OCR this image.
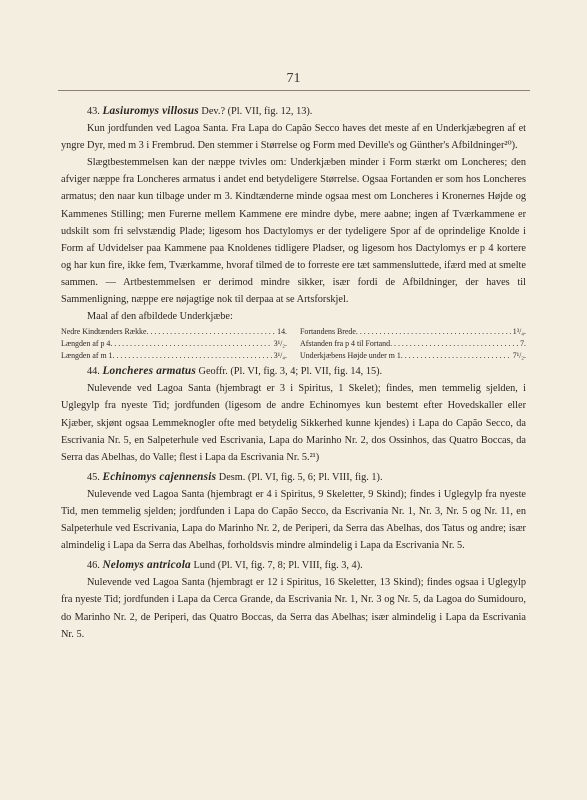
71

43. Lasiuromys villosus Dev.? (Pl. VII, fig. 12, 13).

Kun jordfunden ved Lagoa Santa. Fra Lapa do Capão Secco haves det meste af en Underkjæbegren af et yngre Dyr, med m 3 i Frembrud. Den stemmer i Størrelse og Form med Deville's og Günther's Afbildninger²⁰).

Slægtbestemmelsen kan der næppe tvivles om: Underkjæben minder i Form stærkt om Loncheres; den afviger næppe fra Loncheres armatus i andet end betydeligere Størrelse. Ogsaa Fortanden er som hos Loncheres armatus; den naar kun tilbage under m 3. Kindtænderne minde ogsaa mest om Loncheres i Kronernes Højde og Kammenes Stilling; men Furerne mellem Kammene ere mindre dybe, mere aabne; ingen af Tværkammene er udskilt som fri selvstændig Plade; ligesom hos Dactylomys er der tydeligere Spor af de oprindelige Knolde i Form af Udvidelser paa Kammene paa Knoldenes tidligere Pladser, og ligesom hos Dactylomys er p 4 kortere og har kun fire, ikke fem, Tværkamme, hvoraf tilmed de to forreste ere tæt sammensluttede, ifærd med at smelte sammen. — Artbestemmelsen er derimod mindre sikker, især fordi de Afbildninger, der haves til Sammenligning, næppe ere nøjagtige nok til derpaa at se Artsforskjel.

Maal af den afbildede Underkjæbe:

Nedre Kindtænders Række . . .	14. Fortandens Brede . . .	1³/₄.
Længden af p 4 . . .	3¹/₂. Afstanden fra p 4 til Fortand . . .	7.
Længden af m 1 . . .	3¹/₄. Underkjæbens Højde under m 1 . . .	7¹/₂.

44. Loncheres armatus Geoffr. (Pl. VI, fig. 3, 4; Pl. VII, fig. 14, 15).

Nulevende ved Lagoa Santa (hjembragt er 3 i Spiritus, 1 Skelet); findes, men temmelig sjelden, i Uglegylp fra nyeste Tid; jordfunden (ligesom de andre Echinomyes kun bestemt efter Hovedskaller eller Kjæber, skjønt ogsaa Lemmeknogler ofte med betydelig Sikkerhed kunne kjendes) i Lapa do Capão Secco, da Escrivania Nr. 5, en Salpeterhule ved Escrivania, Lapa do Marinho Nr. 2, dos Ossinhos, das Quatro Boccas, da Serra das Abelhas, do Valle; flest i Lapa da Escrivania Nr. 5.²¹)

45. Echinomys cajennensis Desm. (Pl. VI, fig. 5, 6; Pl. VIII, fig. 1).

Nulevende ved Lagoa Santa (hjembragt er 4 i Spiritus, 9 Skeletter, 9 Skind); findes i Uglegylp fra nyeste Tid, men temmelig sjelden; jordfunden i Lapa do Capão Secco, da Escrivania Nr. 1, Nr. 3, Nr. 5 og Nr. 11, en Salpeterhule ved Escrivania, Lapa do Marinho Nr. 2, de Periperi, da Serra das Abelhas, dos Tatus og andre; især almindelig i Lapa da Serra das Abelhas, forholdsvis mindre almindelig i Lapa da Escrivania Nr. 5.

46. Nelomys antricola Lund (Pl. VI, fig. 7, 8; Pl. VIII, fig. 3, 4).

Nulevende ved Lagoa Santa (hjembragt er 12 i Spiritus, 16 Skeletter, 13 Skind); findes ogsaa i Uglegylp fra nyeste Tid; jordfunden i Lapa da Cerca Grande, da Escrivania Nr. 1, Nr. 3 og Nr. 5, da Lagoa do Sumidouro, do Marinho Nr. 2, de Periperi, das Quatro Boccas, da Serra das Abelhas; især almindelig i Lapa da Escrivania Nr. 5.
